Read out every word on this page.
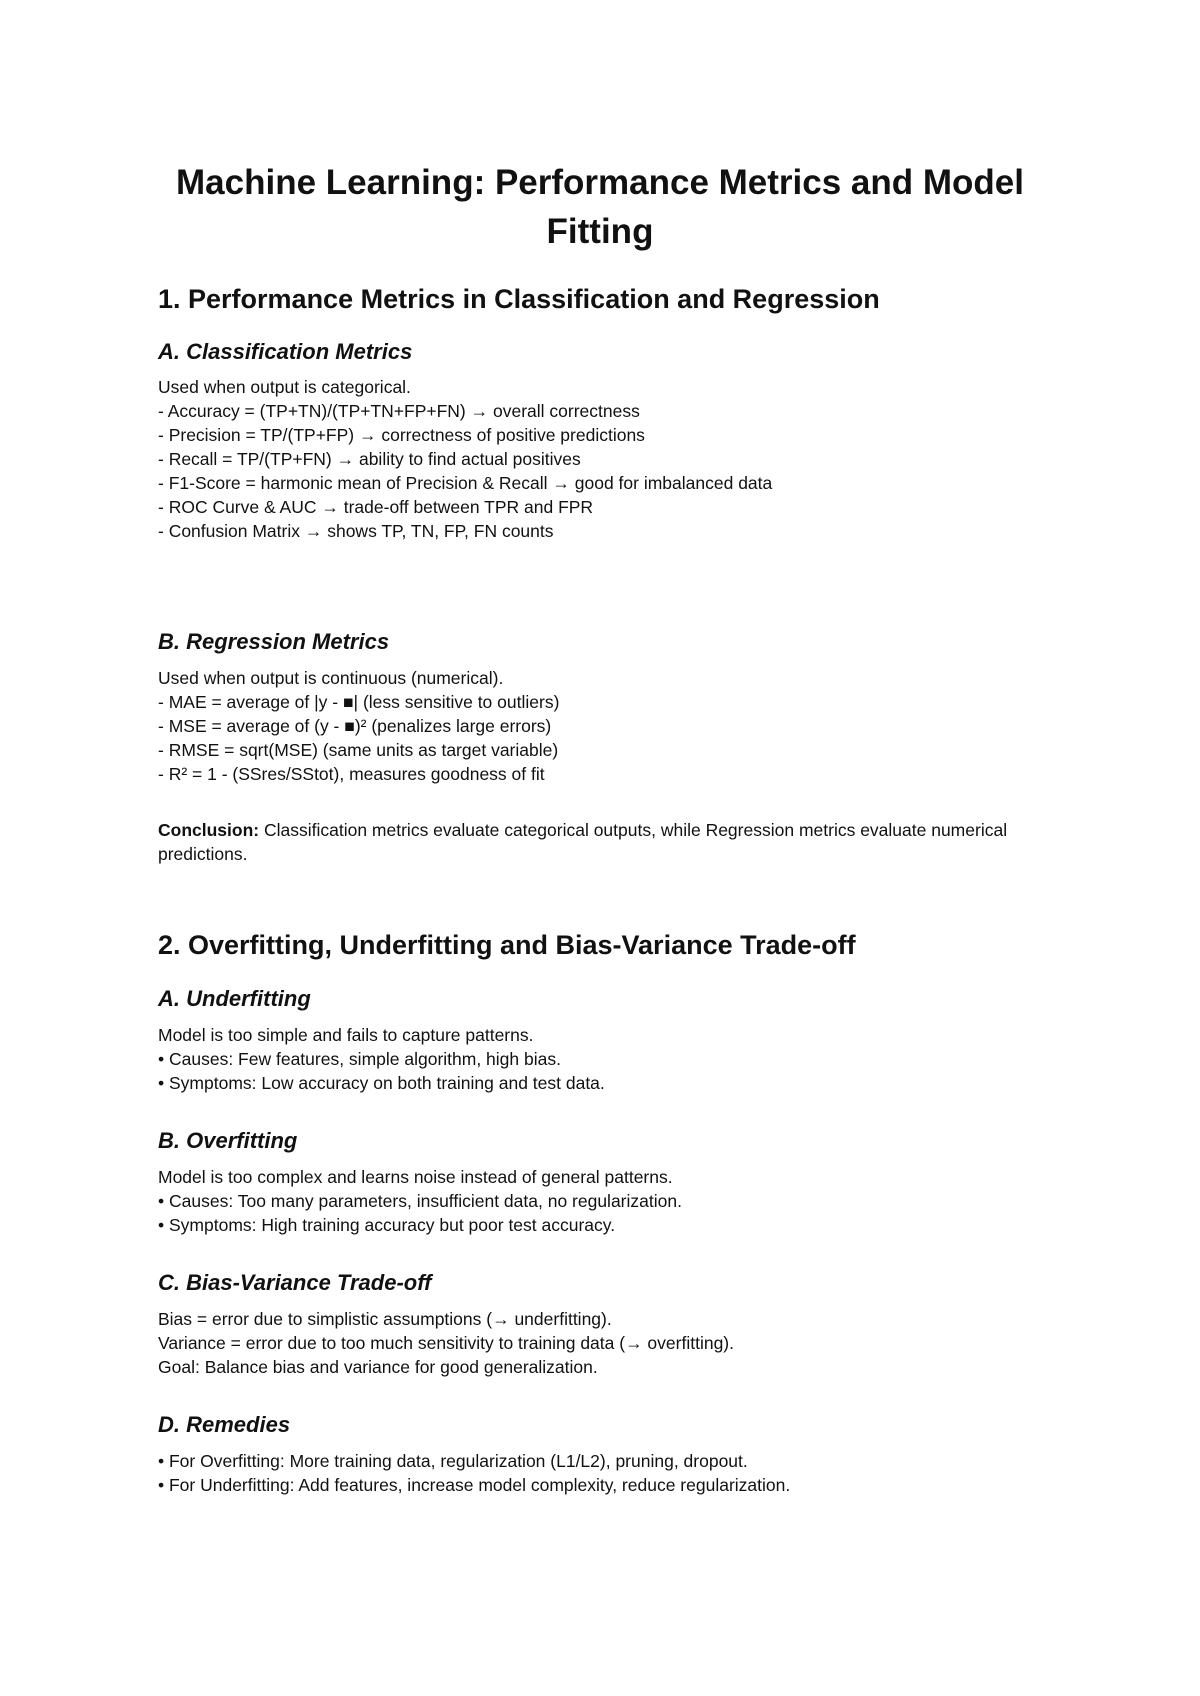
Machine Learning: Performance Metrics and Model Fitting
1. Performance Metrics in Classification and Regression
A. Classification Metrics
Used when output is categorical.
- Accuracy = (TP+TN)/(TP+TN+FP+FN) → overall correctness
- Precision = TP/(TP+FP) → correctness of positive predictions
- Recall = TP/(TP+FN) → ability to find actual positives
- F1-Score = harmonic mean of Precision & Recall → good for imbalanced data
- ROC Curve & AUC → trade-off between TPR and FPR
- Confusion Matrix → shows TP, TN, FP, FN counts
B. Regression Metrics
Used when output is continuous (numerical).
- MAE = average of |y - ■| (less sensitive to outliers)
- MSE = average of (y - ■)² (penalizes large errors)
- RMSE = sqrt(MSE) (same units as target variable)
- R² = 1 - (SSres/SStot), measures goodness of fit
Conclusion: Classification metrics evaluate categorical outputs, while Regression metrics evaluate numerical predictions.
2. Overfitting, Underfitting and Bias-Variance Trade-off
A. Underfitting
Model is too simple and fails to capture patterns.
• Causes: Few features, simple algorithm, high bias.
• Symptoms: Low accuracy on both training and test data.
B. Overfitting
Model is too complex and learns noise instead of general patterns.
• Causes: Too many parameters, insufficient data, no regularization.
• Symptoms: High training accuracy but poor test accuracy.
C. Bias-Variance Trade-off
Bias = error due to simplistic assumptions (→ underfitting).
Variance = error due to too much sensitivity to training data (→ overfitting).
Goal: Balance bias and variance for good generalization.
D. Remedies
• For Overfitting: More training data, regularization (L1/L2), pruning, dropout.
• For Underfitting: Add features, increase model complexity, reduce regularization.
